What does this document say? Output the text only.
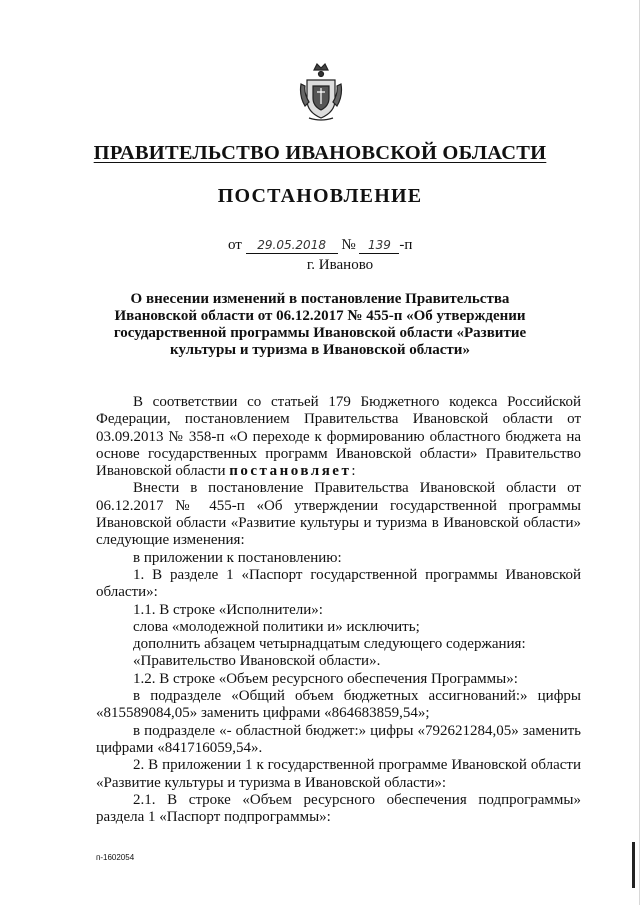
ПРАВИТЕЛЬСТВО ИВАНОВСКОЙ ОБЛАСТИ
ПОСТАНОВЛЕНИЕ
от 29.05.2018 № 139 -п
г. Иваново
О внесении изменений в постановление Правительства Ивановской области от 06.12.2017 № 455-п «Об утверждении государственной программы Ивановской области «Развитие культуры и туризма в Ивановской области»

В соответствии со статьей 179 Бюджетного кодекса Российской Федерации, постановлением Правительства Ивановской области от 03.09.2013 № 358-п «О переходе к формированию областного бюджета на основе государственных программ Ивановской области» Правительство Ивановской области постановляет:

Внести в постановление Правительства Ивановской области от 06.12.2017 № 455-п «Об утверждении государственной программы Ивановской области «Развитие культуры и туризма в Ивановской области» следующие изменения:

в приложении к постановлению:

1. В разделе 1 «Паспорт государственной программы Ивановской области»:

1.1. В строке «Исполнители»:

слова «молодежной политики и» исключить;

дополнить абзацем четырнадцатым следующего содержания:

«Правительство Ивановской области».

1.2. В строке «Объем ресурсного обеспечения Программы»:

в подразделе «Общий объем бюджетных ассигнований:» цифры «815589084,05» заменить цифрами «864683859,54»;

в подразделе «- областной бюджет:» цифры «792621284,05» заменить цифрами «841716059,54».

2. В приложении 1 к государственной программе Ивановской области «Развитие культуры и туризма в Ивановской области»:

2.1. В строке «Объем ресурсного обеспечения подпрограммы» раздела 1 «Паспорт подпрограммы»:

п-1602054
